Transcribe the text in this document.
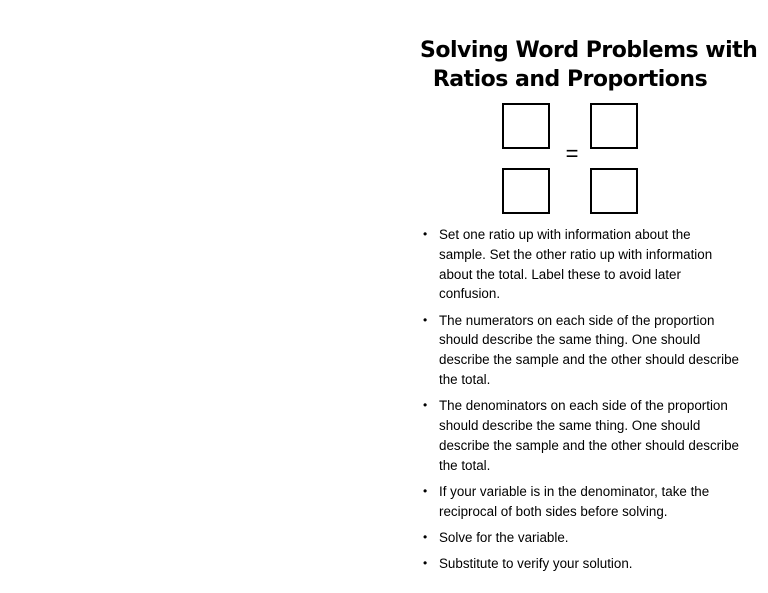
Solving Word Problems with
Ratios and Proportions
=
• Set one ratio up with information about the sample. Set the other ratio up with information about the total. Label these to avoid later confusion.
• The numerators on each side of the proportion should describe the same thing. One should describe the sample and the other should describe the total.
• The denominators on each side of the proportion should describe the same thing. One should describe the sample and the other should describe the total.
• If your variable is in the denominator, take the reciprocal of both sides before solving.
• Solve for the variable.
• Substitute to verify your solution.
